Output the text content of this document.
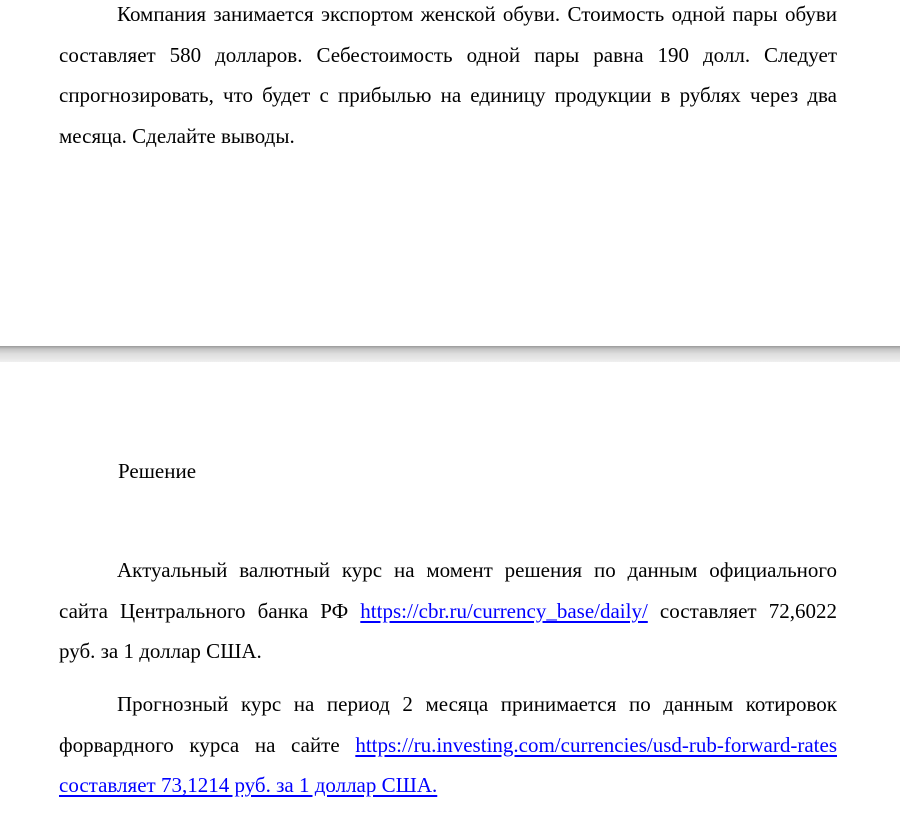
Компания занимается экспортом женской обуви. Стоимость одной пары обуви составляет 580 долларов. Себестоимость одной пары равна 190 долл. Следует спрогнозировать, что будет с прибылью на единицу продукции в рублях через два месяца. Сделайте выводы.

Решение

Актуальный валютный курс на момент решения по данным официального сайта Центрального банка РФ https://cbr.ru/currency_base/daily/ составляет 72,6022 руб. за 1 доллар США.

Прогнозный курс на период 2 месяца принимается по данным котировок форвардного курса на сайте https://ru.investing.com/currencies/usd-rub-forward-rates составляет 73,1214 руб. за 1 доллар США.
